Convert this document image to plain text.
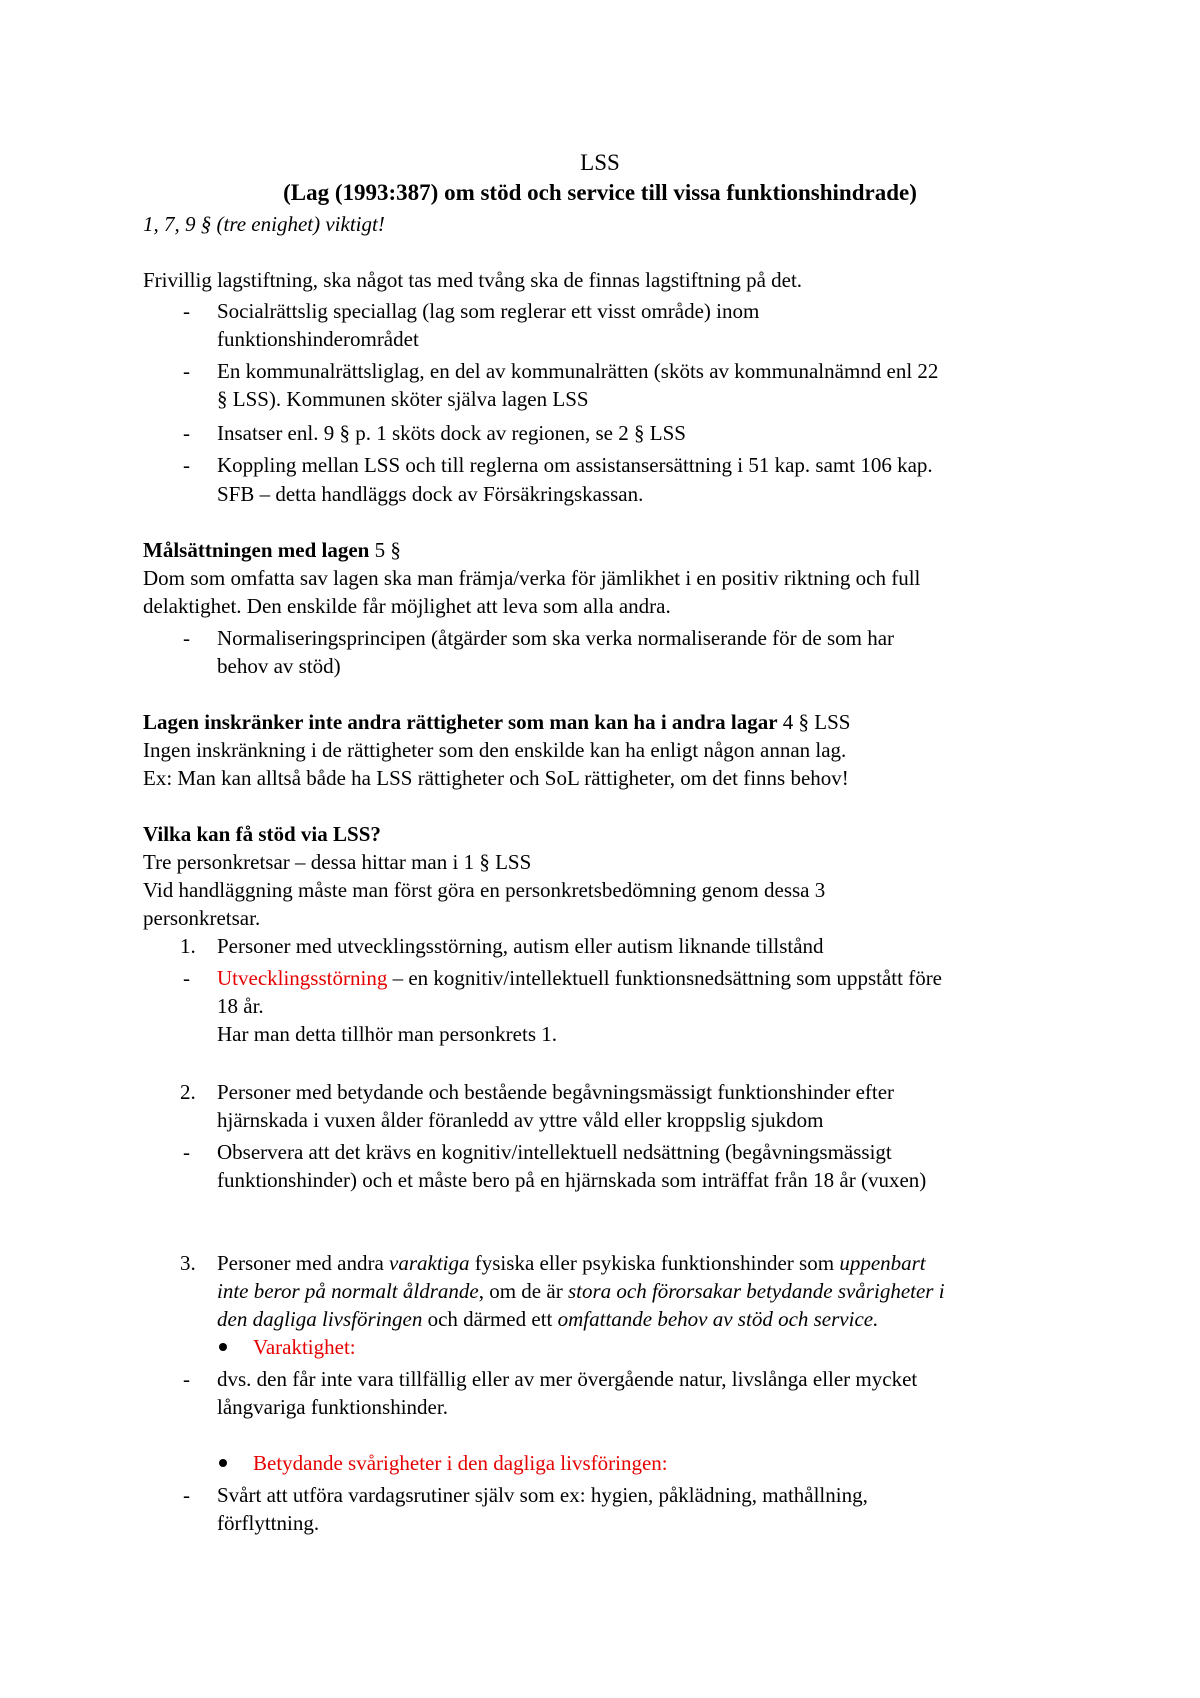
LSS
(Lag (1993:387) om stöd och service till vissa funktionshindrade)
1, 7, 9 § (tre enighet) viktigt!
Frivillig lagstiftning, ska något tas med tvång ska de finnas lagstiftning på det.
- Socialrättslig speciallag (lag som reglerar ett visst område) inom
funktionshinderområdet
- En kommunalrättsliglag, en del av kommunalrätten (sköts av kommunalnämnd enl 22
§ LSS). Kommunen sköter själva lagen LSS
- Insatser enl. 9 § p. 1 sköts dock av regionen, se 2 § LSS
- Koppling mellan LSS och till reglerna om assistansersättning i 51 kap. samt 106 kap.
SFB – detta handläggs dock av Försäkringskassan.
Målsättningen med lagen 5 §
Dom som omfatta sav lagen ska man främja/verka för jämlikhet i en positiv riktning och full
delaktighet. Den enskilde får möjlighet att leva som alla andra.
- Normaliseringsprincipen (åtgärder som ska verka normaliserande för de som har
behov av stöd)
Lagen inskränker inte andra rättigheter som man kan ha i andra lagar 4 § LSS
Ingen inskränkning i de rättigheter som den enskilde kan ha enligt någon annan lag.
Ex: Man kan alltså både ha LSS rättigheter och SoL rättigheter, om det finns behov!
Vilka kan få stöd via LSS?
Tre personkretsar – dessa hittar man i 1 § LSS
Vid handläggning måste man först göra en personkretsbedömning genom dessa 3
personkretsar.
1. Personer med utvecklingsstörning, autism eller autism liknande tillstånd
- Utvecklingsstörning – en kognitiv/intellektuell funktionsnedsättning som uppstått före
18 år.
Har man detta tillhör man personkrets 1.
2. Personer med betydande och bestående begåvningsmässigt funktionshinder efter
hjärnskada i vuxen ålder föranledd av yttre våld eller kroppslig sjukdom
- Observera att det krävs en kognitiv/intellektuell nedsättning (begåvningsmässigt
funktionshinder) och et måste bero på en hjärnskada som inträffat från 18 år (vuxen)
3. Personer med andra varaktiga fysiska eller psykiska funktionshinder som uppenbart
inte beror på normalt åldrande, om de är stora och förorsakar betydande svårigheter i
den dagliga livsföringen och därmed ett omfattande behov av stöd och service.
Varaktighet:
- dvs. den får inte vara tillfällig eller av mer övergående natur, livslånga eller mycket
långvariga funktionshinder.
Betydande svårigheter i den dagliga livsföringen:
- Svårt att utföra vardagsrutiner själv som ex: hygien, påklädning, mathållning,
förflyttning.
